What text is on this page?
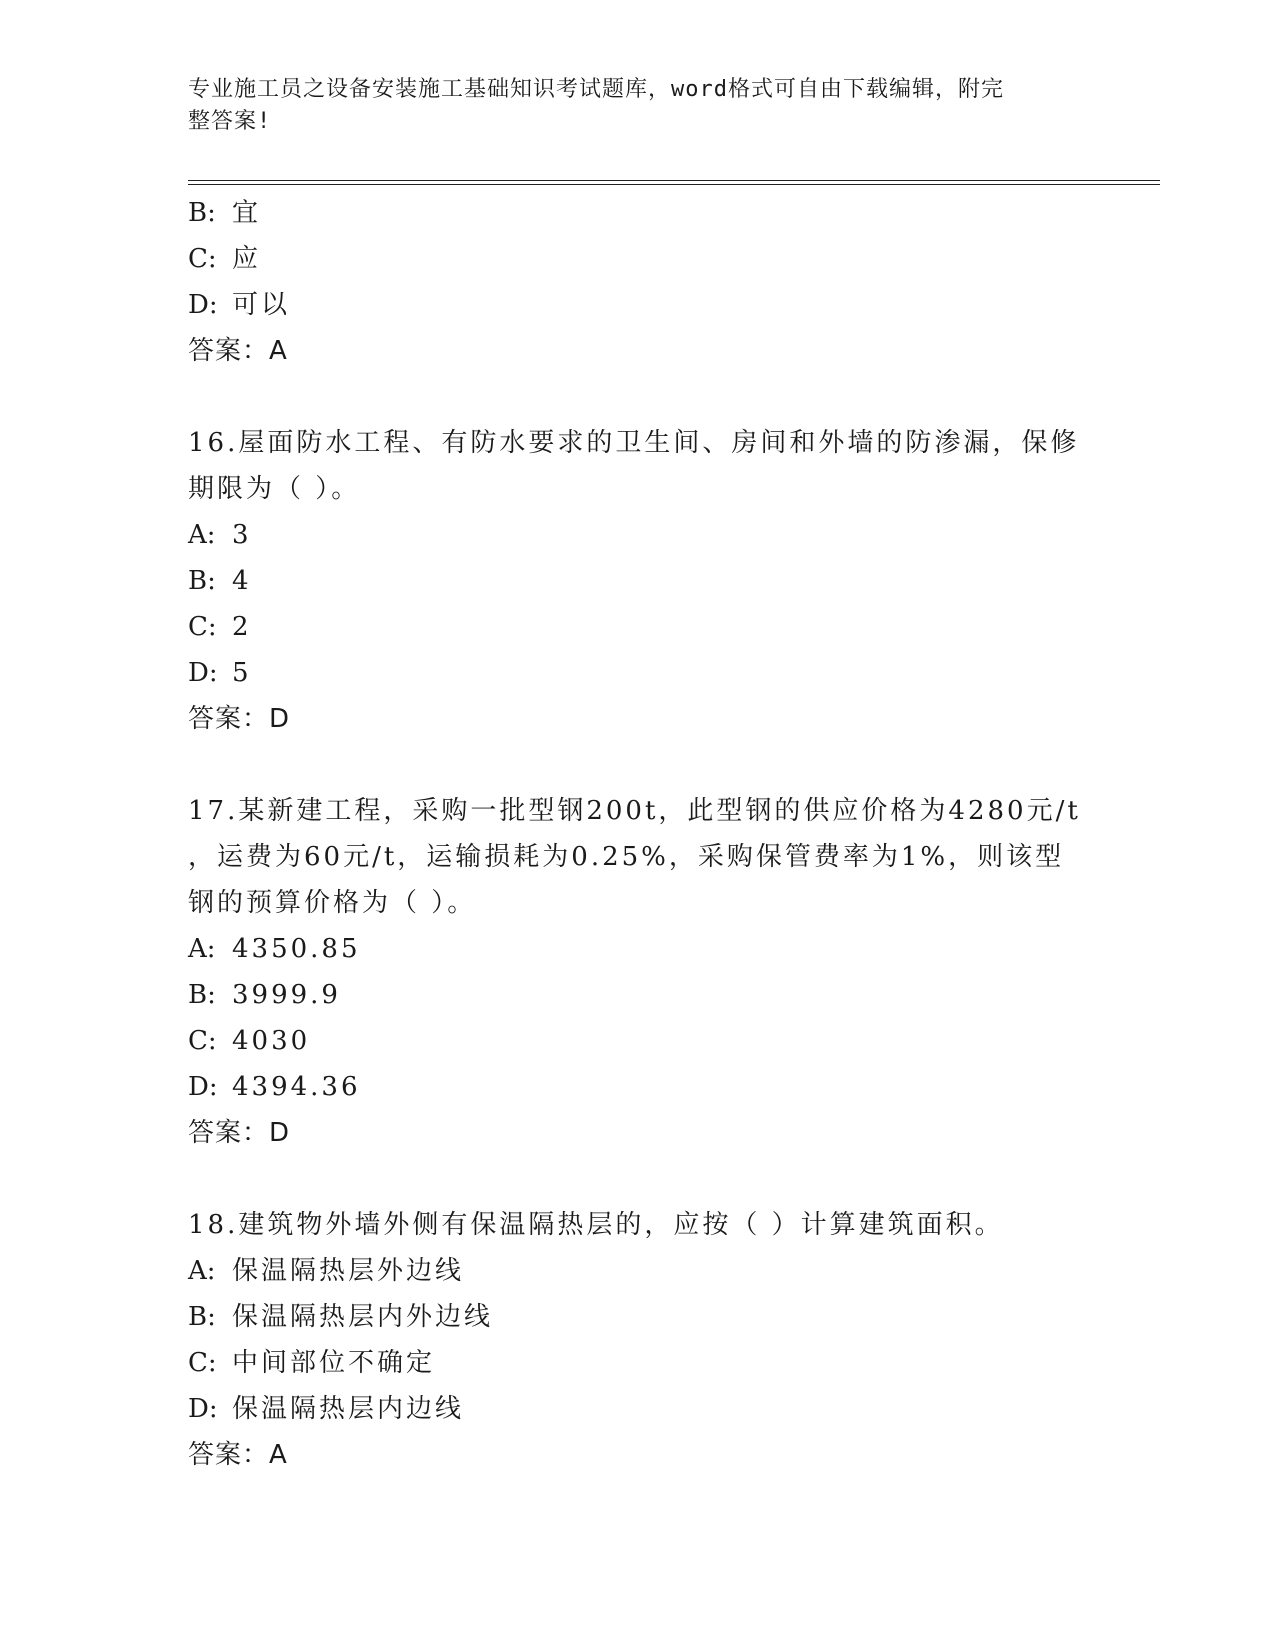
专业施工员之设备安装施工基础知识考试题库，word格式可自由下载编辑，附完
整答案!
B: 宜
C: 应
D: 可以
答案：A
16.屋面防水工程、有防水要求的卫生间、房间和外墙的防渗漏，保修
期限为（ ）。
A: 3
B: 4
C: 2
D: 5
答案：D
17.某新建工程，采购一批型钢200t，此型钢的供应价格为4280元/t
，运费为60元/t，运输损耗为0.25%，采购保管费率为1%，则该型
钢的预算价格为（ ）。
A: 4350.85
B: 3999.9
C: 4030
D: 4394.36
答案：D
18.建筑物外墙外侧有保温隔热层的，应按（ ）计算建筑面积。
A: 保温隔热层外边线
B: 保温隔热层内外边线
C: 中间部位不确定
D: 保温隔热层内边线
答案：A
